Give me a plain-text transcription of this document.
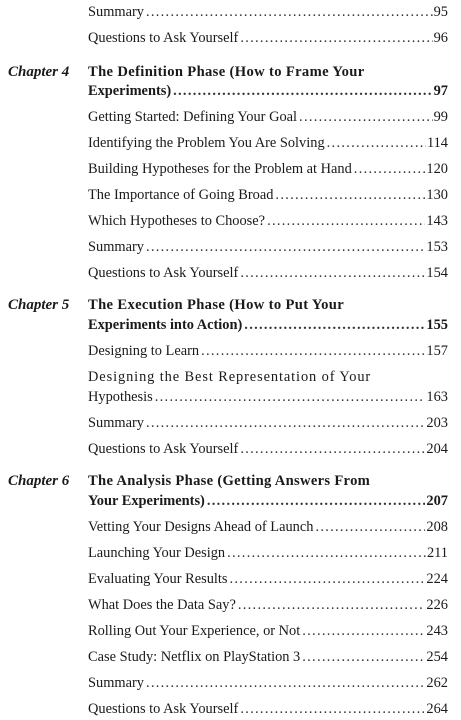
Summary .....	95
Questions to Ask Yourself .....	96
Chapter 4	The Definition Phase (How to Frame Your
Experiments) .....	97
Getting Started: Defining Your Goal .....	99
Identifying the Problem You Are Solving .....	114
Building Hypotheses for the Problem at Hand .....	120
The Importance of Going Broad .....	130
Which Hypotheses to Choose? .....	143
Summary .....	153
Questions to Ask Yourself .....	154
Chapter 5	The Execution Phase (How to Put Your
Experiments into Action) .....	155
Designing to Learn .....	157
Designing the Best Representation of Your
Hypothesis .....	163
Summary .....	203
Questions to Ask Yourself .....	204
Chapter 6	The Analysis Phase (Getting Answers From
Your Experiments) .....	207
Vetting Your Designs Ahead of Launch .....	208
Launching Your Design .....	211
Evaluating Your Results .....	224
What Does the Data Say? .....	226
Rolling Out Your Experience, or Not .....	243
Case Study: Netflix on PlayStation 3 .....	254
Summary .....	262
Questions to Ask Yourself .....	264
